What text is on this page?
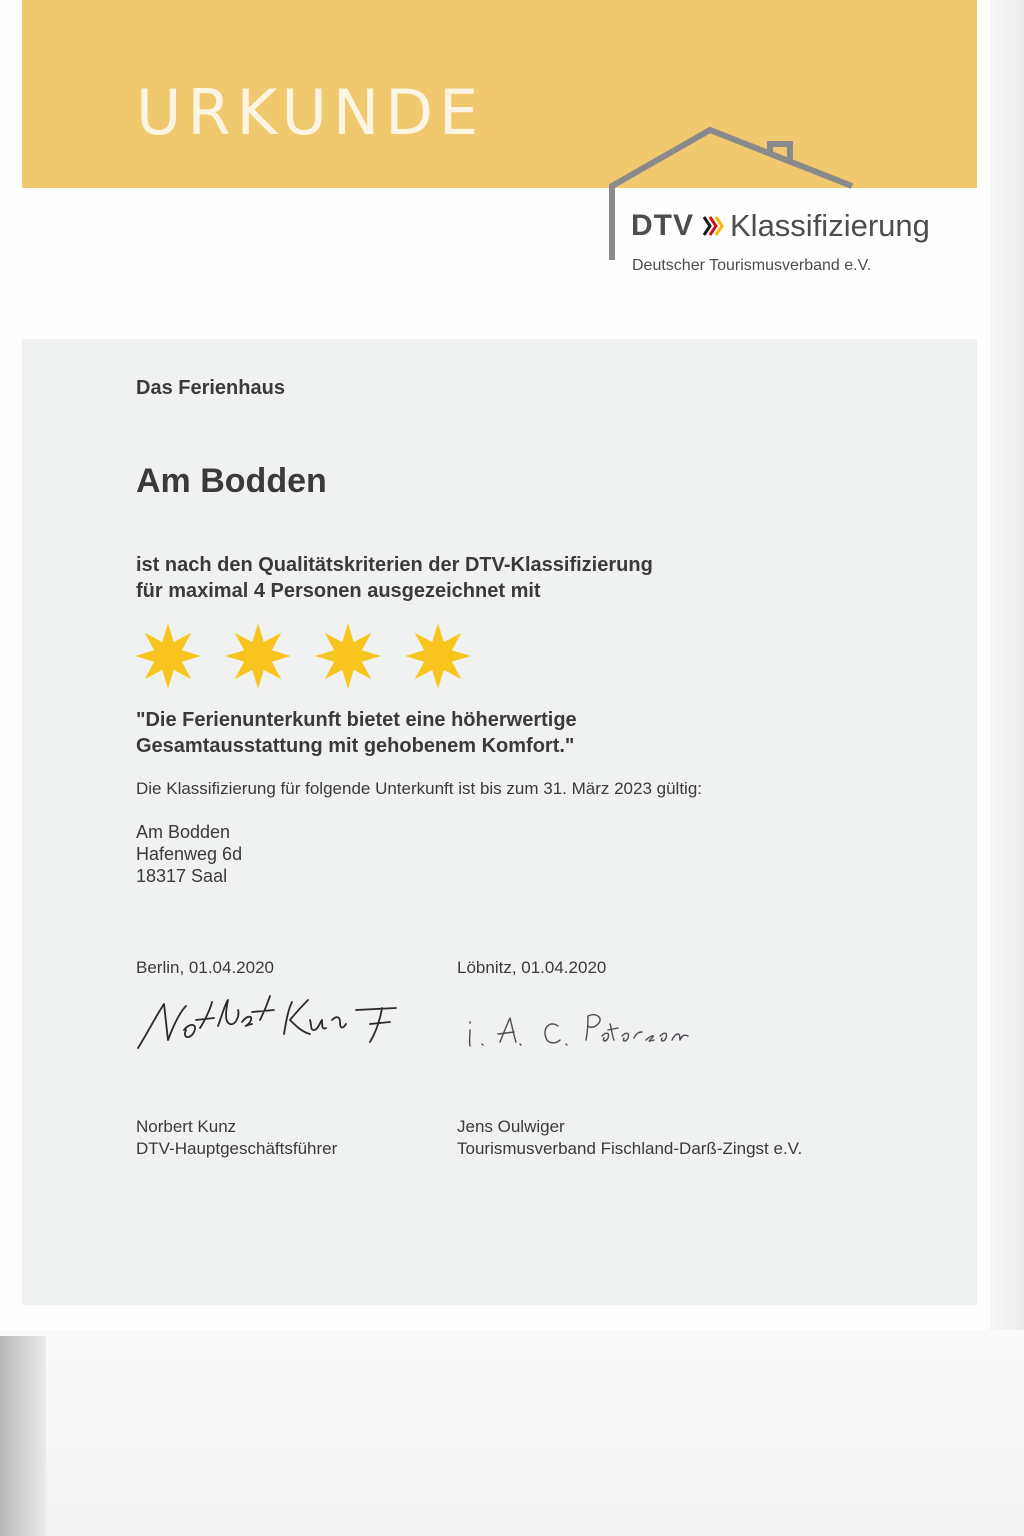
URKUNDE
DTV Klassifizierung
Deutscher Tourismusverband e.V.

Das Ferienhaus

Am Bodden

ist nach den Qualitätskriterien der DTV-Klassifizierung
für maximal 4 Personen ausgezeichnet mit

"Die Ferienunterkunft bietet eine höherwertige
Gesamtausstattung mit gehobenem Komfort."

Die Klassifizierung für folgende Unterkunft ist bis zum 31. März 2023 gültig:

Am Bodden
Hafenweg 6d
18317 Saal

Berlin, 01.04.2020	Löbnitz, 01.04.2020
Norbert Kunz
DTV-Hauptgeschäftsführer
Jens Oulwiger
Tourismusverband Fischland-Darß-Zingst e.V.
